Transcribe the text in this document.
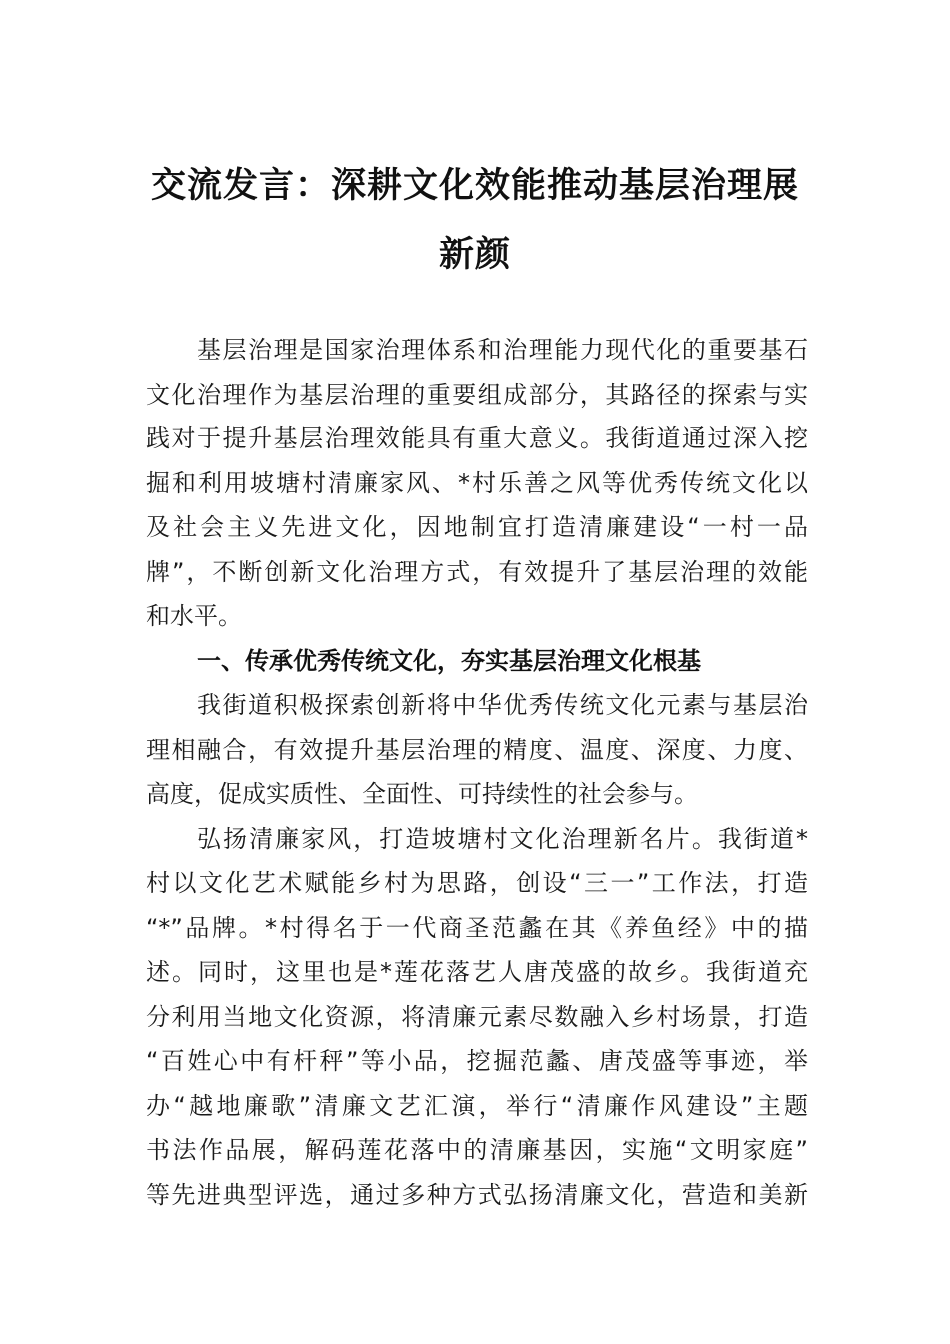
交流发言：深耕文化效能推动基层治理展
新颜
基层治理是国家治理体系和治理能力现代化的重要基石
文化治理作为基层治理的重要组成部分，其路径的探索与实
践对于提升基层治理效能具有重大意义。我街道通过深入挖
掘和利用坡塘村清廉家风、*村乐善之风等优秀传统文化以
及社会主义先进文化，因地制宜打造清廉建设“一村一品
牌”，不断创新文化治理方式，有效提升了基层治理的效能
和水平。
一、传承优秀传统文化，夯实基层治理文化根基
我街道积极探索创新将中华优秀传统文化元素与基层治
理相融合，有效提升基层治理的精度、温度、深度、力度、
高度，促成实质性、全面性、可持续性的社会参与。
弘扬清廉家风，打造坡塘村文化治理新名片。我街道*
村以文化艺术赋能乡村为思路，创设“三一”工作法，打造
“*”品牌。*村得名于一代商圣范蠡在其《养鱼经》中的描
述。同时，这里也是*莲花落艺人唐茂盛的故乡。我街道充
分利用当地文化资源，将清廉元素尽数融入乡村场景，打造
“百姓心中有杆秤”等小品，挖掘范蠡、唐茂盛等事迹，举
办“越地廉歌”清廉文艺汇演，举行“清廉作风建设”主题
书法作品展，解码莲花落中的清廉基因，实施“文明家庭”
等先进典型评选，通过多种方式弘扬清廉文化，营造和美新
